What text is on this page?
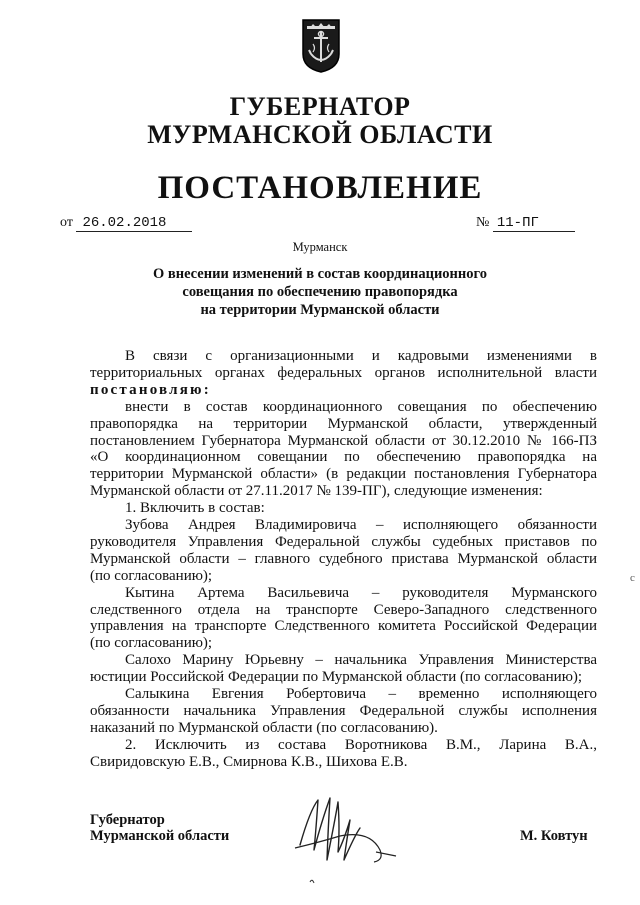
ГУБЕРНАТОР
МУРМАНСКОЙ ОБЛАСТИ
ПОСТАНОВЛЕНИЕ
от 26.02.2018	№ 11-ПГ
Мурманск
О внесении изменений в состав координационного
совещания по обеспечению правопорядка
на территории Мурманской области
В связи с организационными и кадровыми изменениями в
территориальных органах федеральных органов исполнительной власти
постановляю:
внести в состав координационного совещания по обеспечению
правопорядка на территории Мурманской области, утвержденный
постановлением Губернатора Мурманской области от 30.12.2010 № 166-ПЗ
«О координационном совещании по обеспечению правопорядка на
территории Мурманской области» (в редакции постановления Губернатора
Мурманской области от 27.11.2017 № 139-ПГ), следующие изменения:
1. Включить в состав:
Зубова Андрея Владимировича – исполняющего обязанности
руководителя Управления Федеральной службы судебных приставов по
Мурманской области – главного судебного пристава Мурманской области
(по согласованию);
Кытина Артема Васильевича – руководителя Мурманского
следственного отдела на транспорте Северо-Западного следственного
управления на транспорте Следственного комитета Российской Федерации
(по согласованию);
Салохо Марину Юрьевну – начальника Управления Министерства
юстиции Российской Федерации по Мурманской области (по согласованию);
Салыкина Евгения Робертовича – временно исполняющего
обязанности начальника Управления Федеральной службы исполнения
наказаний по Мурманской области (по согласованию).
2. Исключить из состава Воротникова В.М., Ларина В.А.,
Свиридовскую Е.В., Смирнова К.В., Шихова Е.В.
Губернатор
Мурманской области	М. Ковтун
с
